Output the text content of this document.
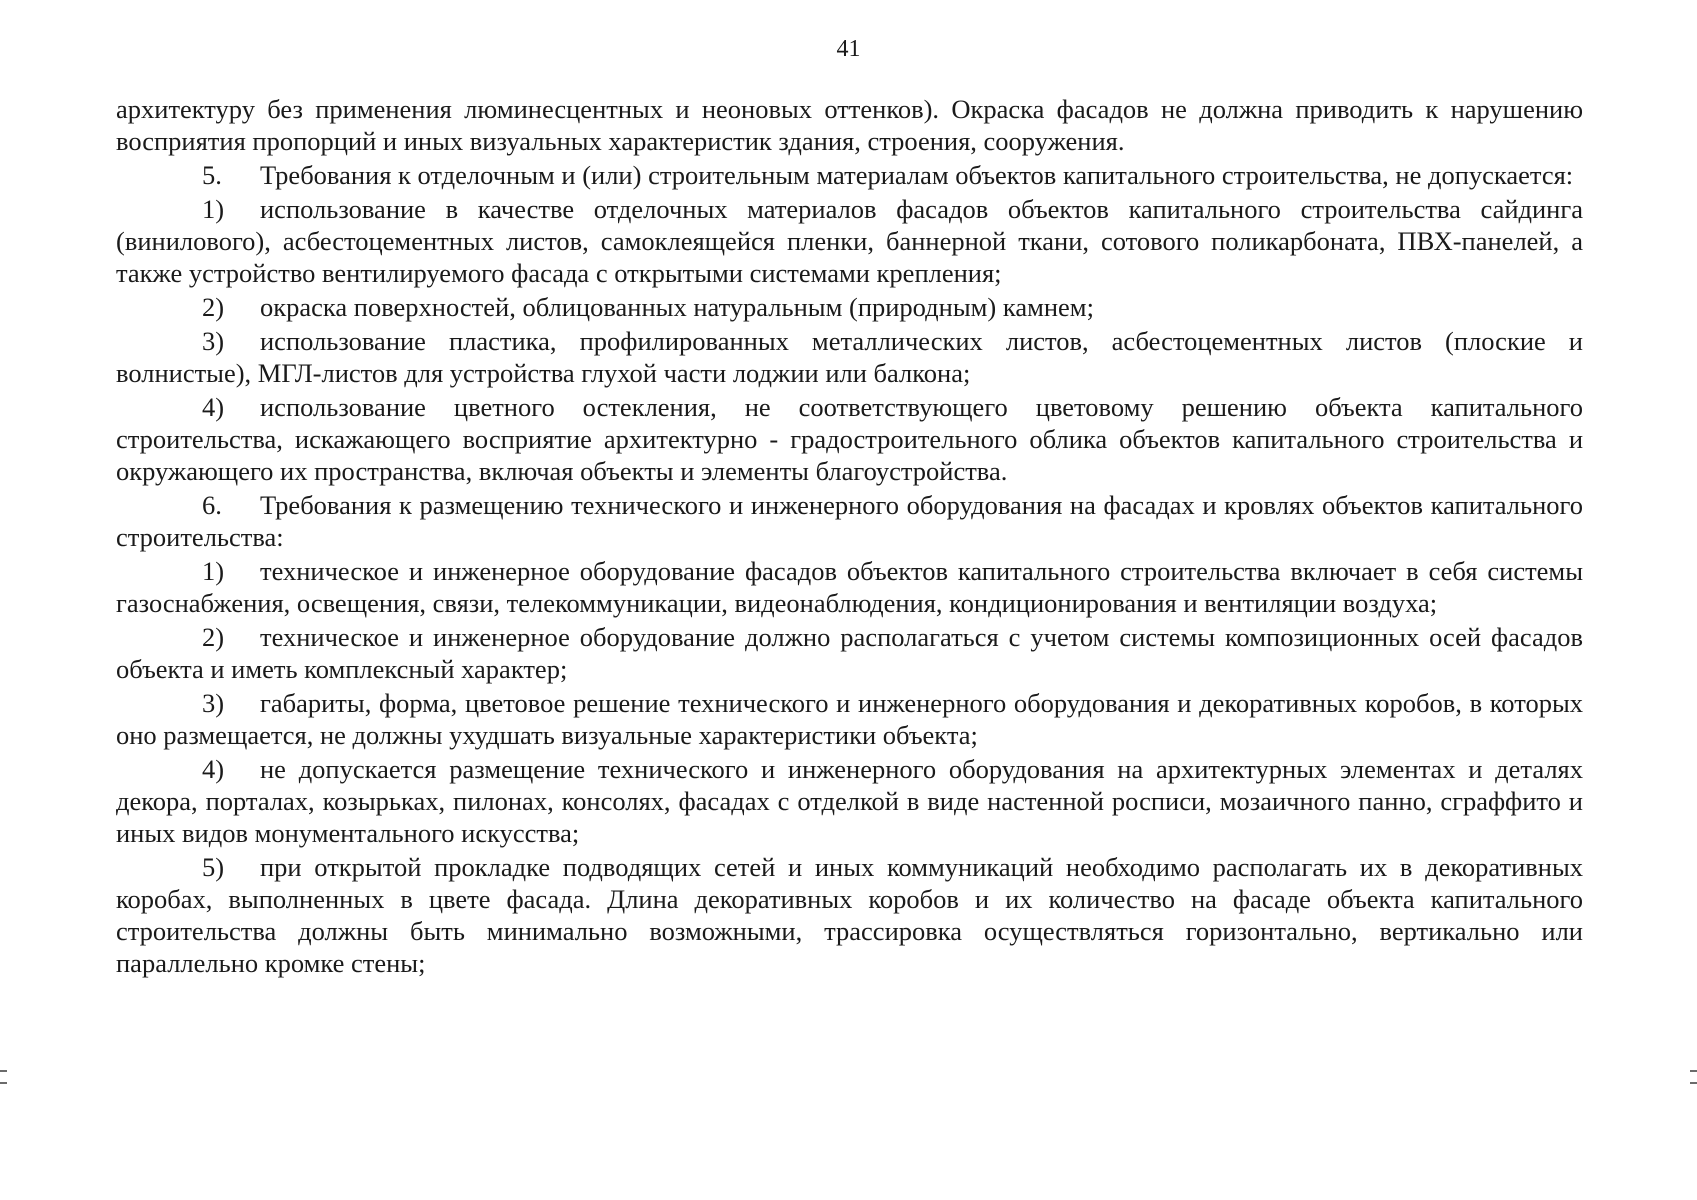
41

архитектуру без применения люминесцентных и неоновых оттенков). Окраска фасадов не должна приводить к нарушению восприятия пропорций и иных визуальных характеристик здания, строения, сооружения.

5. Требования к отделочным и (или) строительным материалам объектов капитального строительства, не допускается:

1) использование в качестве отделочных материалов фасадов объектов капитального строительства сайдинга (винилового), асбестоцементных листов, самоклеящейся пленки, баннерной ткани, сотового поликарбоната, ПВХ-панелей, а также устройство вентилируемого фасада с открытыми системами крепления;

2) окраска поверхностей, облицованных натуральным (природным) камнем;

3) использование пластика, профилированных металлических листов, асбестоцементных листов (плоские и волнистые), МГЛ-листов для устройства глухой части лоджии или балкона;

4) использование цветного остекления, не соответствующего цветовому решению объекта капитального строительства, искажающего восприятие архитектурно - градостроительного облика объектов капитального строительства и окружающего их пространства, включая объекты и элементы благоустройства.

6. Требования к размещению технического и инженерного оборудования на фасадах и кровлях объектов капитального строительства:

1) техническое и инженерное оборудование фасадов объектов капитального строительства включает в себя системы газоснабжения, освещения, связи, телекоммуникации, видеонаблюдения, кондиционирования и вентиляции воздуха;

2) техническое и инженерное оборудование должно располагаться с учетом системы композиционных осей фасадов объекта и иметь комплексный характер;

3) габариты, форма, цветовое решение технического и инженерного оборудования и декоративных коробов, в которых оно размещается, не должны ухудшать визуальные характеристики объекта;

4) не допускается размещение технического и инженерного оборудования на архитектурных элементах и деталях декора, порталах, козырьках, пилонах, консолях, фасадах с отделкой в виде настенной росписи, мозаичного панно, сграффито и иных видов монументального искусства;

5) при открытой прокладке подводящих сетей и иных коммуникаций необходимо располагать их в декоративных коробах, выполненных в цвете фасада. Длина декоративных коробов и их количество на фасаде объекта капитального строительства должны быть минимально возможными, трассировка осуществляться горизонтально, вертикально или параллельно кромке стены;
